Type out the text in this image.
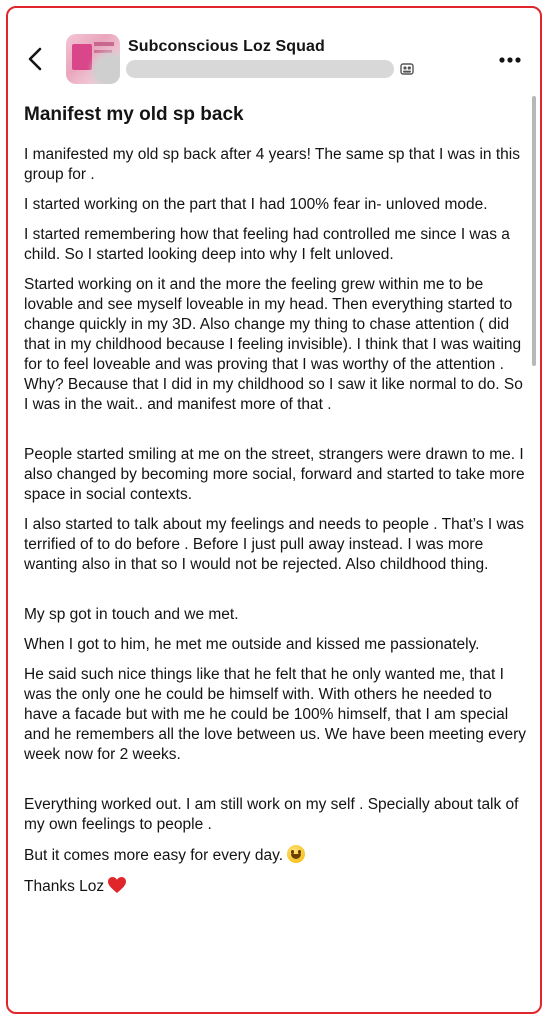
Subconscious Loz Squad
Manifest my old sp back

I manifested my old sp back after 4 years! The same sp that I was in this group for .

I started working on the part that I had 100% fear in- unloved mode.

I started remembering how that feeling had controlled me since I was a child. So I started looking deep into why I felt unloved.

Started working on it and the more the feeling grew within me to be lovable and see myself loveable in my head. Then everything started to change quickly in my 3D. Also change my thing to chase attention ( did that in my childhood because I feeling invisible). I think that I was waiting for to feel loveable and was proving that I was worthy of the attention . Why? Because that I did in my childhood so I saw it like normal to do. So I was in the wait.. and manifest more of that .

People started smiling at me on the street, strangers were drawn to me. I also changed by becoming more social, forward and started to take more space in social contexts.

I also started to talk about my feelings and needs to people . That’s I was terrified of to do before . Before I just pull away instead. I was more wanting also in that so I would not be rejected. Also childhood thing.

My sp got in touch and we met.

When I got to him, he met me outside and kissed me passionately.

He said such nice things like that he felt that he only wanted me, that I was the only one he could be himself with. With others he needed to have a facade but with me he could be 100% himself, that I am special and he remembers all the love between us. We have been meeting every week now for 2 weeks.

Everything worked out. I am still work on my self . Specially about talk of my own feelings to people .

But it comes more easy for every day.

Thanks Loz
